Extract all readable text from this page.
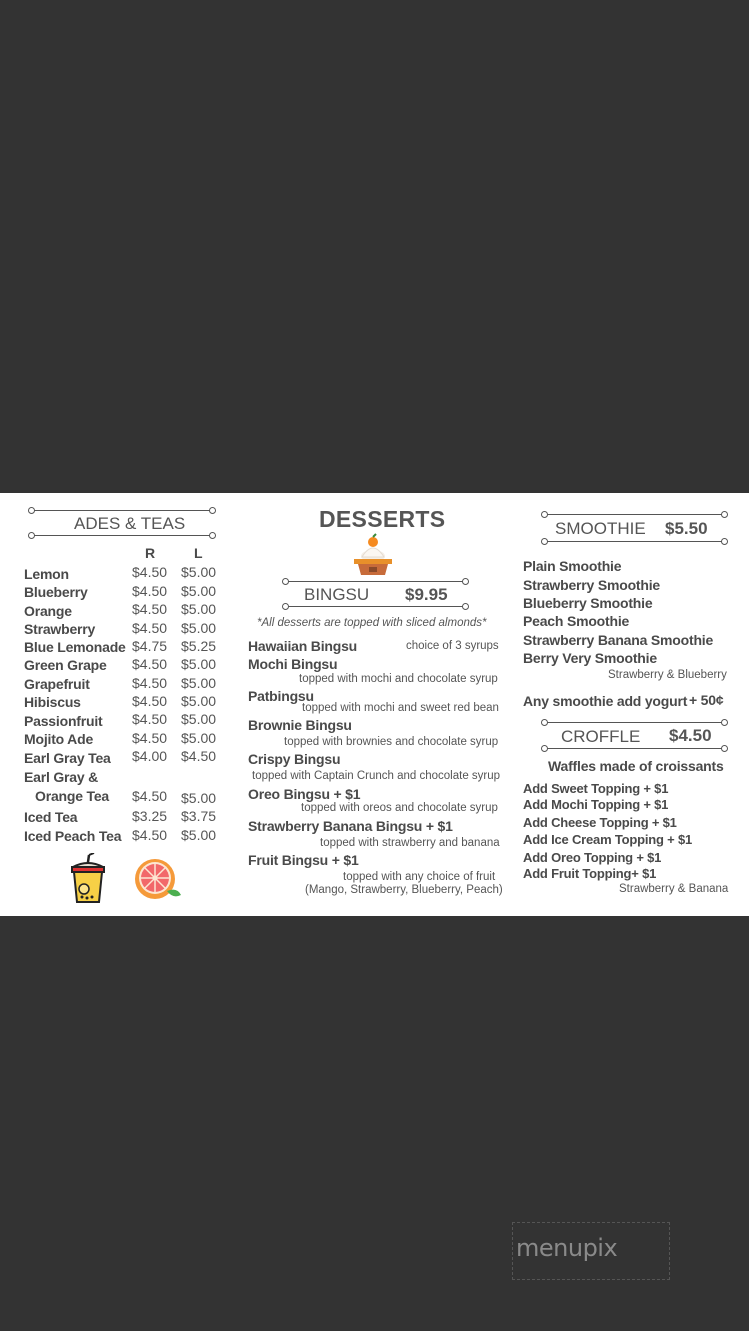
ADES & TEAS
R	L
Lemon	$4.50 $5.00
Blueberry	$4.50 $5.00
Orange	$4.50 $5.00
Strawberry	$4.50 $5.00
Blue Lemonade $4.75 $5.25
Green Grape $4.50 $5.00
Grapefruit	$4.50 $5.00
Hibiscus	$4.50 $5.00
Passionfruit $4.50 $5.00
Mojito Ade	$4.50 $5.00
Earl Gray Tea $4.00 $4.50
Earl Gray &
Orange Tea $4.50 $5.00
Iced Tea	$3.25 $3.75
Iced Peach Tea $4.50 $5.00
DESSERTS
BINGSU $9.95
*All desserts are topped with sliced almonds*
Hawaiian Bingsu	choice of 3 syrups
Mochi Bingsu
topped with mochi and chocolate syrup
Patbingsu
topped with mochi and sweet red bean
Brownie Bingsu
topped with brownies and chocolate syrup
Crispy Bingsu
topped with Captain Crunch and chocolate syrup
Oreo Bingsu + $1
topped with oreos and chocolate syrup
Strawberry Banana Bingsu + $1
topped with strawberry and banana
Fruit Bingsu + $1
topped with any choice of fruit
(Mango, Strawberry, Blueberry, Peach)
SMOOTHIE $5.50
Plain Smoothie
Strawberry Smoothie
Blueberry Smoothie
Peach Smoothie
Strawberry Banana Smoothie
Berry Very Smoothie
Strawberry & Blueberry
Any smoothie add yogurt + 50¢
CROFFLE $4.50
Waffles made of croissants
Add Sweet Topping + $1
Add Mochi Topping + $1
Add Cheese Topping + $1
Add Ice Cream Topping + $1
Add Oreo Topping + $1
Add Fruit Topping+ $1
Strawberry & Banana
menupix
